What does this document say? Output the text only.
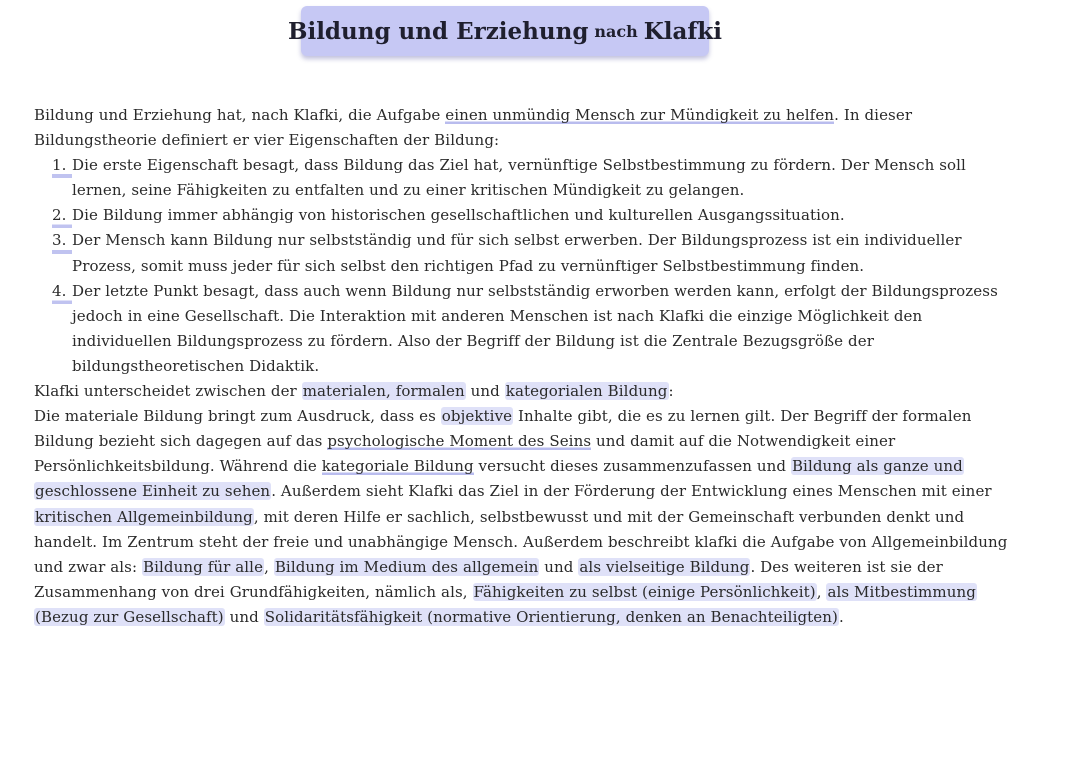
Bildung und Erziehung nach Klafki
Bildung und Erziehung hat, nach Klafki, die Aufgabe einen unmündig Mensch zur Mündigkeit zu helfen. In dieser
Bildungstheorie definiert er vier Eigenschaften der Bildung:
1. Die erste Eigenschaft besagt, dass Bildung das Ziel hat, vernünftige Selbstbestimmung zu fördern. Der Mensch soll
lernen, seine Fähigkeiten zu entfalten und zu einer kritischen Mündigkeit zu gelangen.
2. Die Bildung immer abhängig von historischen gesellschaftlichen und kulturellen Ausgangssituation.
3. Der Mensch kann Bildung nur selbstständig und für sich selbst erwerben. Der Bildungsprozess ist ein individueller
Prozess, somit muss jeder für sich selbst den richtigen Pfad zu vernünftiger Selbstbestimmung finden.
4. Der letzte Punkt besagt, dass auch wenn Bildung nur selbstständig erworben werden kann, erfolgt der Bildungsprozess
jedoch in eine Gesellschaft. Die Interaktion mit anderen Menschen ist nach Klafki die einzige Möglichkeit den
individuellen Bildungsprozess zu fördern. Also der Begriff der Bildung ist die Zentrale Bezugsgröße der
bildungstheoretischen Didaktik.
Klafki unterscheidet zwischen der materialen, formalen und kategorialen Bildung:
Die materiale Bildung bringt zum Ausdruck, dass es objektive Inhalte gibt, die es zu lernen gilt. Der Begriff der formalen
Bildung bezieht sich dagegen auf das psychologische Moment des Seins und damit auf die Notwendigkeit einer
Persönlichkeitsbildung. Während die kategoriale Bildung versucht dieses zusammenzufassen und Bildung als ganze und
geschlossene Einheit zu sehen. Außerdem sieht Klafki das Ziel in der Förderung der Entwicklung eines Menschen mit einer
kritischen Allgemeinbildung, mit deren Hilfe er sachlich, selbstbewusst und mit der Gemeinschaft verbunden denkt und
handelt. Im Zentrum steht der freie und unabhängige Mensch. Außerdem beschreibt klafki die Aufgabe von Allgemeinbildung
und zwar als: Bildung für alle, Bildung im Medium des allgemein und als vielseitige Bildung. Des weiteren ist sie der
Zusammenhang von drei Grundfähigkeiten, nämlich als, Fähigkeiten zu selbst (einige Persönlichkeit), als Mitbestimmung
(Bezug zur Gesellschaft) und Solidaritätsfähigkeit (normative Orientierung, denken an Benachteiligten).
